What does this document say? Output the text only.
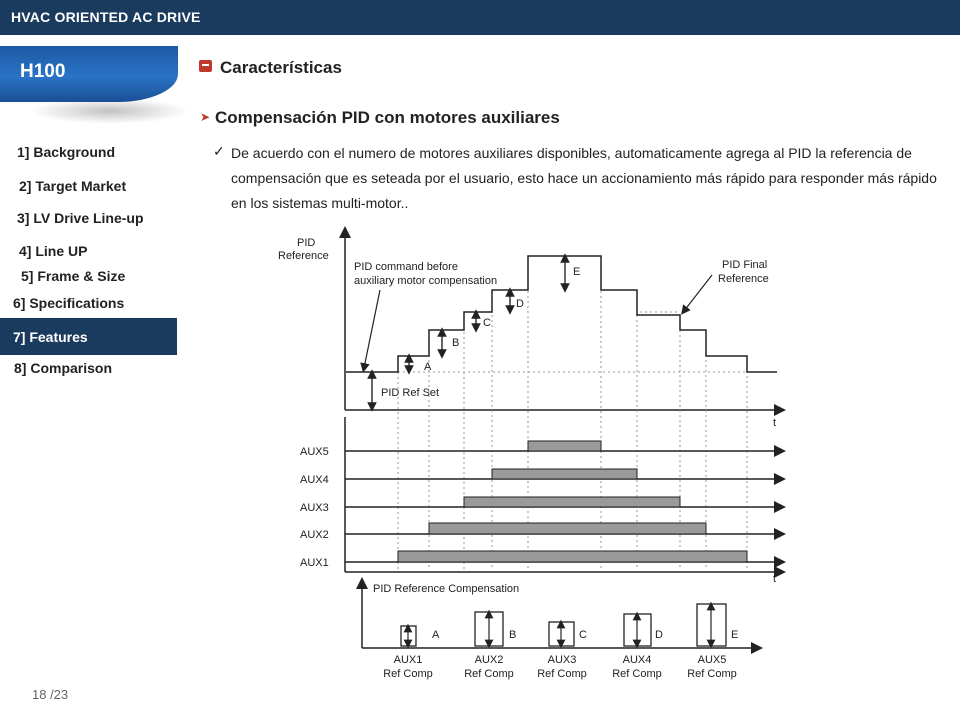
HVAC ORIENTED AC DRIVE
H100
1] Background
2] Target Market
3] LV Drive Line-up
4] Line UP
5] Frame & Size
6] Specifications
7] Features
8] Comparison
Características
➤ Compensación PID con motores auxiliares
✓ De acuerdo con el numero de motores auxiliares disponibles, automaticamente agrega al PID la referencia de compensación que es seteada por el usuario, esto hace un accionamiento más rápido para responder más rápido en los sistemas multi-motor..
PID Reference
PID command before auxiliary motor compensation
PID Final Reference
PID Ref Set
A
B
C
D
E
t
AUX5
AUX4
AUX3
AUX2
AUX1
t
PID Reference Compensation
A	B	C	D	E
AUX1 Ref Comp
AUX2 Ref Comp
AUX3 Ref Comp
AUX4 Ref Comp
AUX5 Ref Comp
18 /23
